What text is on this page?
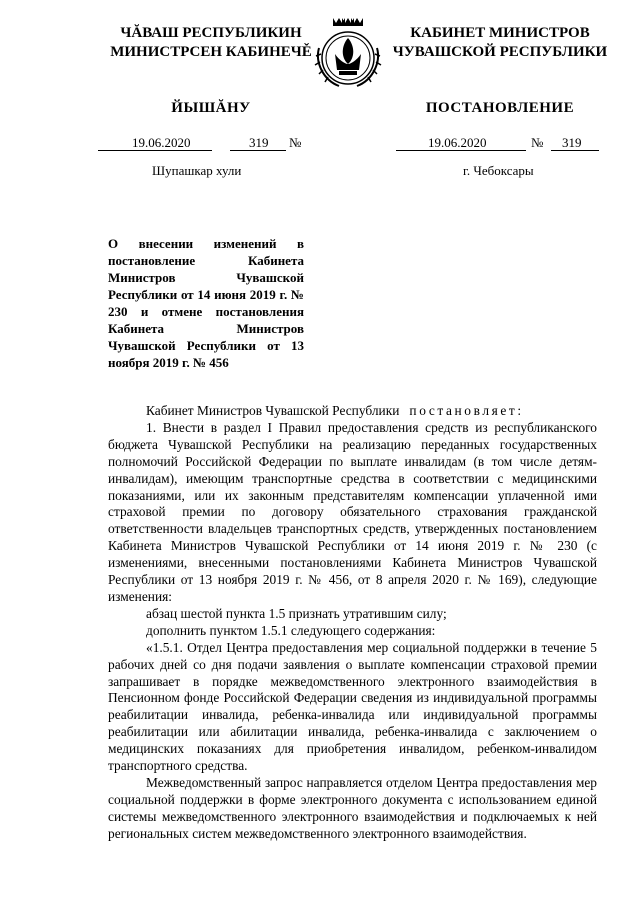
ЧĂВАШ РЕСПУБЛИКИН
МИНИСТРСЕН КАБИНЕЧĚ
ЙЫШĂНУ
КАБИНЕТ МИНИСТРОВ
ЧУВАШСКОЙ РЕСПУБЛИКИ
ПОСТАНОВЛЕНИЕ
19.06.2020	319 №	19.06.2020	№ 319
Шупашкар хули	г. Чебоксары
О внесении изменений в постановление Кабинета Министров Чувашской Республики от 14 июня 2019 г. № 230 и отмене постановления Кабинета Министров Чувашской Республики от 13 ноября 2019 г. № 456

Кабинет Министров Чувашской Республики постановляет:

1. Внести в раздел I Правил предоставления средств из республиканского бюджета Чувашской Республики на реализацию переданных государственных полномочий Российской Федерации по выплате инвалидам (в том числе детям-инвалидам), имеющим транспортные средства в соответствии с медицинскими показаниями, или их законным представителям компенсации уплаченной ими страховой премии по договору обязательного страхования гражданской ответственности владельцев транспортных средств, утвержденных постановлением Кабинета Министров Чувашской Республики от 14 июня 2019 г. № 230 (с изменениями, внесенными постановлениями Кабинета Министров Чувашской Республики от 13 ноября 2019 г. № 456, от 8 апреля 2020 г. № 169), следующие изменения:

абзац шестой пункта 1.5 признать утратившим силу;

дополнить пунктом 1.5.1 следующего содержания:

«1.5.1. Отдел Центра предоставления мер социальной поддержки в течение 5 рабочих дней со дня подачи заявления о выплате компенсации страховой премии запрашивает в порядке межведомственного электронного взаимодействия в Пенсионном фонде Российской Федерации сведения из индивидуальной программы реабилитации инвалида, ребенка-инвалида или индивидуальной программы реабилитации или абилитации инвалида, ребенка-инвалида с заключением о медицинских показаниях для приобретения инвалидом, ребенком-инвалидом транспортного средства.

Межведомственный запрос направляется отделом Центра предоставления мер социальной поддержки в форме электронного документа с использованием единой системы межведомственного электронного взаимодействия и подключаемых к ней региональных систем межведомственного электронного взаимодействия.
